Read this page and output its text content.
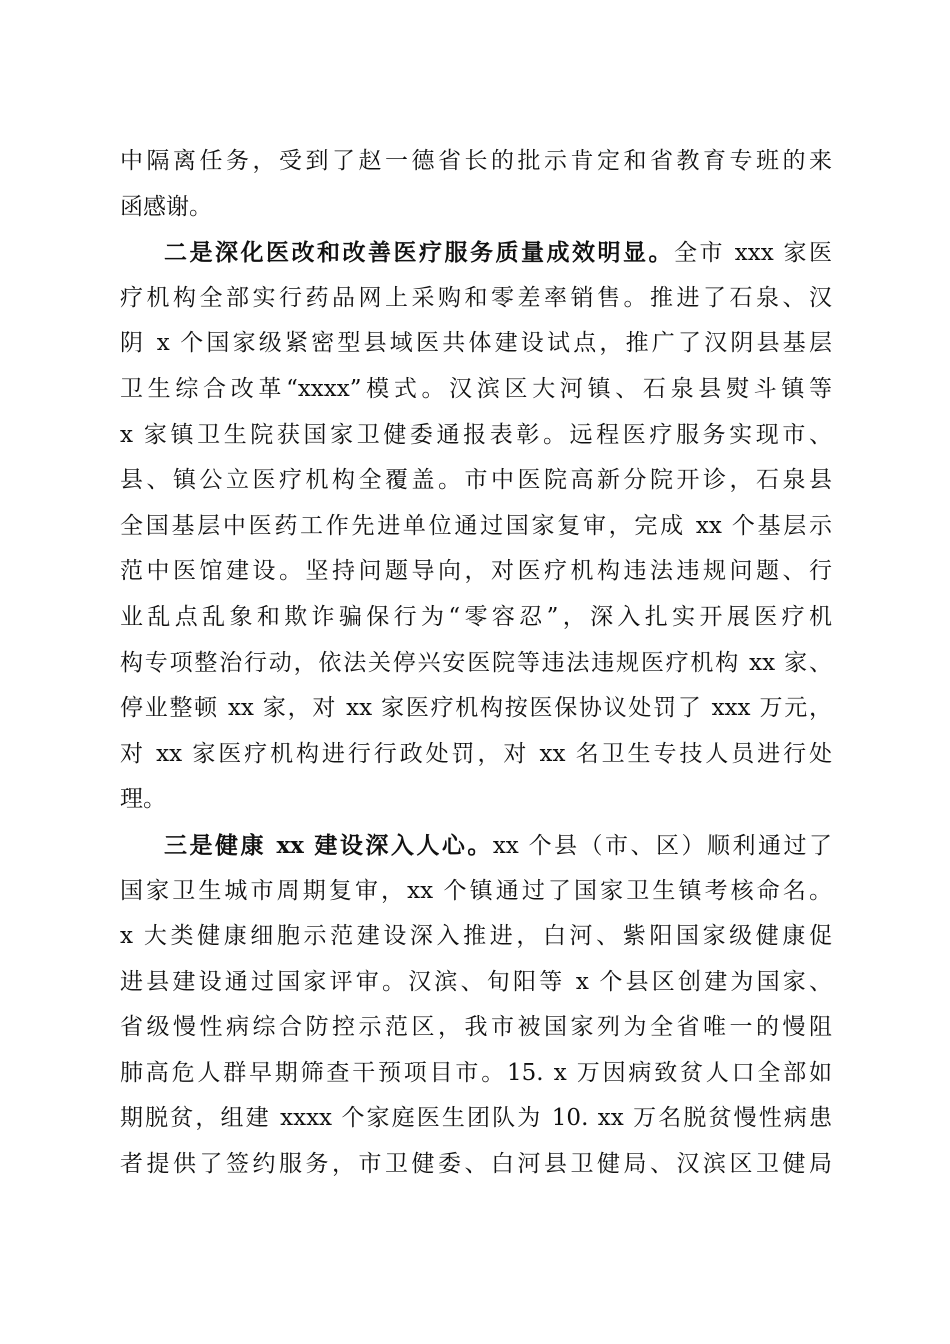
中隔离任务，受到了赵一德省长的批示肯定和省教育专班的来
函感谢。
二是深化医改和改善医疗服务质量成效明显。全市 xxx 家医
疗机构全部实行药品网上采购和零差率销售。推进了石泉、汉
阴 x 个国家级紧密型县域医共体建设试点，推广了汉阴县基层
卫生综合改革“xxxx”模式。汉滨区大河镇、石泉县熨斗镇等
x 家镇卫生院获国家卫健委通报表彰。远程医疗服务实现市、
县、镇公立医疗机构全覆盖。市中医院高新分院开诊，石泉县
全国基层中医药工作先进单位通过国家复审，完成 xx 个基层示
范中医馆建设。坚持问题导向，对医疗机构违法违规问题、行
业乱点乱象和欺诈骗保行为“零容忍”，深入扎实开展医疗机
构专项整治行动，依法关停兴安医院等违法违规医疗机构 xx 家、
停业整顿 xx 家，对 xx 家医疗机构按医保协议处罚了 xxx 万元，
对 xx 家医疗机构进行行政处罚，对 xx 名卫生专技人员进行处
理。
三是健康 xx 建设深入人心。xx 个县（市、区）顺利通过了
国家卫生城市周期复审，xx 个镇通过了国家卫生镇考核命名。
x 大类健康细胞示范建设深入推进，白河、紫阳国家级健康促
进县建设通过国家评审。汉滨、旬阳等 x 个县区创建为国家、
省级慢性病综合防控示范区，我市被国家列为全省唯一的慢阻
肺高危人群早期筛查干预项目市。15. x 万因病致贫人口全部如
期脱贫，组建 xxxx 个家庭医生团队为 10. xx 万名脱贫慢性病患
者提供了签约服务，市卫健委、白河县卫健局、汉滨区卫健局
